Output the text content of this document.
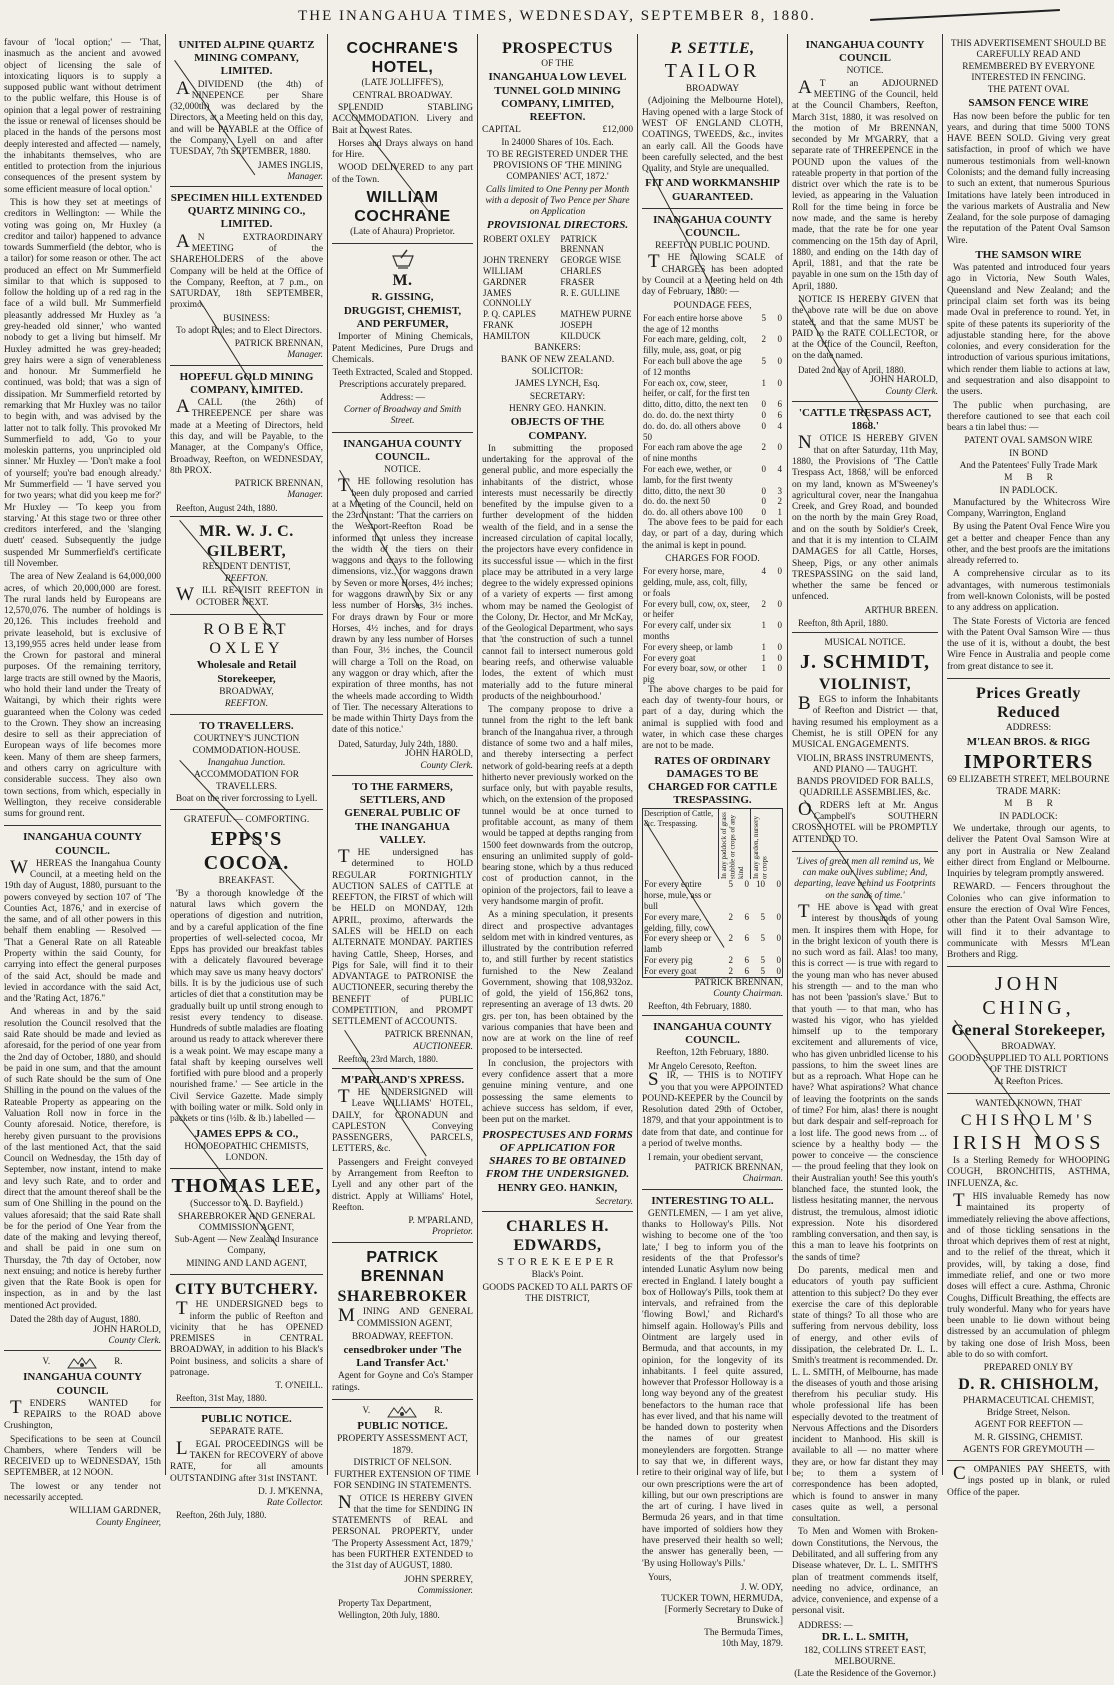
THE INANGAHUA TIMES, WEDNESDAY, SEPTEMBER 8, 1880.

favour of 'local option;' — 'That, inasmuch as the ancient and avowed object of licensing the sale of intoxicating liquors is to supply a supposed public want without detriment to the public welfare, this House is of opinion that a legal power of restraining the issue or renewal of licenses should be placed in the hands of the persons most deeply interested and affected — namely, the inhabitants themselves, who are entitled to protection from the injurious consequences of the present system by some efficient measure of local option.'

This is how they set at meetings of creditors in Wellington: — While the voting was going on, Mr Huxley (a creditor and tailor) happened to advance towards Summerfield (the debtor, who is a tailor) for some reason or other. The act produced an effect on Mr Summerfield similar to that which is supposed to follow the holding up of a red rag in the face of a wild bull. Mr Summerfield pleasantly addressed Mr Huxley as 'a grey-headed old sinner,' who wanted nobody to get a living but himself. Mr Huxley admitted he was grey-headed; grey hairs were a sign of venerableness and honour. Mr Summerfield he continued, was bold; that was a sign of dissipation. Mr Summerfield retorted by remarking that Mr Huxley was no tailor to begin with, and was advised by the latter not to talk folly. This provoked Mr Summerfield to add, 'Go to your moleskin patterns, you unprincipled old sinner.' Mr Huxley — 'Don't make a fool of yourself; you're bad enough already.' Mr Summerfield — 'I have served you for two years; what did you keep me for?' Mr Huxley — 'To keep you from starving.' At this stage two or three other creditors interfered, and the 'slanging duett' ceased. Subsequently the judge suspended Mr Summerfield's certificate till November.

The area of New Zealand is 64,000,000 acres, of which 20,000,000 are forest. The rural lands held by Europeans are 12,570,076. The number of holdings is 20,126. This includes freehold and private leasehold, but is exclusive of 13,199,955 acres held under lease from the Crown for pastoral and mineral purposes. Of the remaining territory, large tracts are still owned by the Maoris, who hold their land under the Treaty of Waitangi, by which their rights were guaranteed when the Colony was ceded to the Crown. They show an increasing desire to sell as their appreciation of European ways of life becomes more keen. Many of them are sheep farmers, and others carry on agriculture with considerable success. They also own town sections, from which, especially in Wellington, they receive considerable sums for ground rent.

INANGAHUA COUNTY COUNCIL.

WHEREAS the Inangahua County Council, at a meeting held on the 19th day of August, 1880, pursuant to the powers conveyed by section 107 of 'The Counties Act, 1876,' and in exercise of the same, and of all other powers in this behalf them enabling — Resolved — 'That a General Rate on all Rateable Property within the said County, for carrying into effect the general purposes of the said Act, should be made and levied in accordance with the said Act, and the 'Rating Act, 1876.''

And whereas in and by the said resolution the Council resolved that the said Rate should be made and levied as aforesaid, for the period of one year from the 2nd day of October, 1880, and should be paid in one sum, and that the amount of such Rate should be the sum of One Shilling in the pound on the values of the Rateable Property as appearing on the Valuation Roll now in force in the County aforesaid. Notice, therefore, is hereby given pursuant to the provisions of the last mentioned Act, that the said Council on Wednesday, the 15th day of September, now instant, intend to make and levy such Rate, and to order and direct that the amount thereof shall be the sum of One Shilling in the pound on the values aforesaid; that the said Rate shall be for the period of One Year from the date of the making and levying thereof, and shall be paid in one sum on Thursday, the 7th day of October, now next ensuing; and notice is hereby further given that the Rate Book is open for inspection, as in and by the last mentioned Act provided.

Dated the 28th day of August, 1880.
JOHN HAROLD,
County Clerk.
V.	R.
INANGAHUA COUNTY COUNCIL

TENDERS WANTED for REPAIRS to the ROAD above Crushington,

Specifications to be seen at Council Chambers, where Tenders will be RECEIVED up to WEDNESDAY, 15th SEPTEMBER, at 12 NOON.

The lowest or any tender not necessarily accepted.

WILLIAM GARDNER,
County Engineer,
UNITED ALPINE QUARTZ MINING COMPANY, LIMITED.

ADIVIDEND (the 4th) of NINEPENCE per Share (32,000th) was declared by the Directors, at a Meeting held on this day, and will be PAYABLE at the Office of the Company, Lyell on and after TUESDAY, 7th SEPTEMBER, 1880.

JAMES INGLIS,
Manager.
SPECIMEN HILL EXTENDED QUARTZ MINING CO., LIMITED.

AN EXTRAORDINARY MEETING of the SHAREHOLDERS of the above Company will be held at the Office of the Company, Reefton, at 7 p.m., on SATURDAY, 18th SEPTEMBER, proximo.

BUSINESS:

To adopt Rules; and to Elect Directors.

PATRICK BRENNAN,
Manager.
HOPEFUL GOLD MINING COMPANY, LIMITED.

ACALL (the 26th) of THREEPENCE per share was made at a Meeting of Directors, held this day, and will be Payable, to the Manager, at the Company's Office, Broadway, Reefton, on WEDNESDAY, 8th PROX.

PATRICK BRENNAN,
Manager.
Reefton, August 24th, 1880.
MR. W. J. C. GILBERT,
RESIDENT DENTIST,
REEFTON.

WILL RE-VISIT REEFTON in OCTOBER NEXT.

ROBERT OXLEY
Wholesale and Retail Storekeeper,
BROADWAY,
REEFTON.
TO TRAVELLERS.
COURTNEY'S JUNCTION COMMODATION-HOUSE.
Inangahua Junction.
ACCOMMODATION FOR TRAVELLERS.
Boat on the river forcrossing to Lyell.
GRATEFUL — COMFORTING.
EPPS'S COCOA.
BREAKFAST.

'By a thorough knowledge of the natural laws which govern the operations of digestion and nutrition, and by a careful application of the fine properties of well-selected cocoa, Mr Epps has provided our breakfast tables with a delicately flavoured beverage which may save us many heavy doctors' bills. It is by the judicious use of such articles of diet that a constitution may be gradually built up until strong enough to resist every tendency to disease. Hundreds of subtle maladies are floating around us ready to attack wherever there is a weak point. We may escape many a fatal shaft by keeping ourselves well fortified with pure blood and a properly nourished frame.' — See article in the Civil Service Gazette. Made simply with boiling water or milk. Sold only in packets or tins (½lb. & lb.) labelled —

JAMES EPPS & CO.,
HOMOEOPATHIC CHEMISTS, LONDON.
THOMAS LEE,
(Successor to A. D. Bayfield.)
SHAREBROKER AND GENERAL COMMISSION AGENT,
Sub-Agent — New Zealand Insurance Company,
MINING AND LAND AGENT,
CITY BUTCHERY.

THE UNDERSIGNED begs to inform the public of Reefton and vicinity that he has OPENED PREMISES in CENTRAL BROADWAY, in addition to his Black's Point business, and solicits a share of patronage.

T. O'NEILL.
Reefton, 31st May, 1880.
PUBLIC NOTICE.
SEPARATE RATE.

LEGAL PROCEEDINGS will be TAKEN for RECOVERY of above RATE, for all amounts OUTSTANDING after 31st INSTANT.

D. J. M'KENNA,
Rate Collector.
Reefton, 26th July, 1880.
COCHRANE'S HOTEL,
(LATE JOLLIFFE'S),
CENTRAL BROADWAY.

SPLENDID STABLING ACCOMMODATION. Livery and Bait at Lowest Rates.

Horses and Drays always on hand for Hire.

WOOD DELIVERED to any part of the Town.

WILLIAM COCHRANE
(Late of Ahaura) Proprietor.
M.
R. GISSING,
DRUGGIST, CHEMIST, AND PERFUMER,

Importer of Mining Chemicals, Patent Medicines, Pure Drugs and Chemicals.

Teeth Extracted, Scaled and Stopped.
Prescriptions accurately prepared.
Address: —
Corner of Broadway and Smith Street.
INANGAHUA COUNTY COUNCIL.
NOTICE.

THE following resolution has been duly proposed and carried at a Meeting of the Council, held on the 23rd instant: 'That the carriers on the Westport-Reefton Road be informed that unless they increase the width of the tiers on their waggons and drays to the following dimensions, viz., for waggons drawn by Seven or more Horses, 4½ inches; for waggons drawn by Six or any less number of Horses, 3½ inches. For drays drawn by Four or more Horses, 4½ inches, and for drays drawn by any less number of Horses than Four, 3½ inches, the Council will charge a Toll on the Road, on any waggon or dray which, after the expiration of three months, has not the wheels made according to Width of Tier. The necessary Alterations to be made within Thirty Days from the date of this notice.'

Dated, Saturday, July 24th, 1880.
JOHN HAROLD,
County Clerk.
TO THE FARMERS, SETTLERS, AND GENERAL PUBLIC OF THE INANGAHUA VALLEY.

THE undersigned has determined to HOLD REGULAR FORTNIGHTLY AUCTION SALES of CATTLE at REEFTON, the FIRST of which will be HELD on MONDAY, 12th APRIL, proximo, afterwards the SALES will be HELD on each ALTERNATE MONDAY. PARTIES having Cattle, Sheep, Horses, and Pigs for Sale, will find it to their ADVANTAGE to PATRONISE the AUCTIONEER, securing thereby the BENEFIT of PUBLIC COMPETITION, and PROMPT SETTLEMENT of ACCOUNTS.

PATRICK BRENNAN,
AUCTIONEER.
Reefton, 23rd March, 1880.
M'PARLAND'S XPRESS.

THE UNDERSIGNED will Leave WILLIAMS' HOTEL, DAILY, for CRONADUN and CAPLESTON Conveying PASSENGERS, PARCELS, LETTERS, &c.

Passengers and Freight conveyed by Arrangement from Reefton to Lyell and any other part of the district. Apply at Williams' Hotel, Reefton.

P. M'PARLAND,
Proprietor.
PATRICK BRENNAN
SHAREBROKER

MINING AND GENERAL COMMISSION AGENT,

BROADWAY, REEFTON.
censedbroker under 'The Land Transfer Act.'

Agent for Goyne and Co's Stamper ratings.

V.	R.
PUBLIC NOTICE.
PROPERTY ASSESSMENT ACT, 1879.
DISTRICT OF NELSON.
FURTHER EXTENSION OF TIME FOR SENDING IN STATEMENTS.

NOTICE IS HEREBY GIVEN that the time for SENDING IN STATEMENTS of REAL and PERSONAL PROPERTY, under 'The Property Assessment Act, 1879,' has been FURTHER EXTENDED to the 31st day of AUGUST, 1880.

JOHN SPERREY,
Commissioner.
Property Tax Department,
Wellington, 20th July, 1880.
PROSPECTUS
OF THE
INANGAHUA LOW LEVEL TUNNEL GOLD MINING COMPANY, LIMITED, REEFTON.
CAPITAL	£12,000
In 24000 Shares of 10s. Each.
TO BE REGISTERED UNDER THE PROVISIONS OF 'THE MINING COMPANIES' ACT, 1872.'
Calls limited to One Penny per Month with a deposit of Two Pence per Share on Application
PROVISIONAL DIRECTORS.
ROBERT OXLEY	PATRICK BRENNAN
JOHN TRENERY	GEORGE WISE
WILLIAM GARDNER	CHARLES FRASER
JAMES CONNOLLY	R. E. GULLINE
P. Q. CAPLES	MATHEW PURNE
FRANK HAMILTON	JOSEPH KILDUCK
BANKERS:
BANK OF NEW ZEALAND.
SOLICITOR:
JAMES LYNCH, Esq.
SECRETARY:
HENRY GEO. HANKIN.
OBJECTS OF THE COMPANY.

In submitting the proposed undertaking for the approval of the general public, and more especially the inhabitants of the district, whose interests must necessarily be directly benefited by the impulse given to a further development of the hidden wealth of the field, and in a sense the increased circulation of capital locally, the projectors have every confidence in its successful issue — which in the first place may be attributed in a very large degree to the widely expressed opinions of a variety of experts — first among whom may be named the Geologist of the Colony, Dr. Hector, and Mr McKay, of the Geological Department, who says that 'the construction of such a tunnel cannot fail to intersect numerous gold bearing reefs, and otherwise valuable lodes, the extent of which must materially add to the future mineral products of the neighbourhood.'

The company propose to drive a tunnel from the right to the left bank branch of the Inangahua river, a through distance of some two and a half miles, and thereby intersecting a perfect network of gold-bearing reefs at a depth hitherto never previously worked on the surface only, but with payable results, which, on the extension of the proposed tunnel would be at once turned to profitable account, as many of them would be tapped at depths ranging from 1500 feet downwards from the outcrop, ensuring an unlimited supply of gold-bearing stone, which by a thus reduced cost of production cannot, in the opinion of the projectors, fail to leave a very handsome margin of profit.

As a mining speculation, it presents direct and prospective advantages seldom met with in kindred ventures, as illustrated by the contribution referred to, and still further by recent statistics furnished to the New Zealand Government, showing that 108,932oz. of gold, the yield of 156,862 tons, representing an average of 13 dwts. 20 grs. per ton, has been obtained by the various companies that have been and now are at work on the line of reef proposed to be intersected.

In conclusion, the projectors with every confidence assert that a more genuine mining venture, and one possessing the same elements to achieve success has seldom, if ever, been put on the market.

PROSPECTUSES AND FORMS OF APPLICATION FOR SHARES TO BE OBTAINED FROM THE UNDERSIGNED.
HENRY GEO. HANKIN,
Secretary.
CHARLES H. EDWARDS,
STOREKEEPER
Black's Point.
GOODS PACKED TO ALL PARTS OF THE DISTRICT,
P. SETTLE,
TAILOR
BROADWAY

(Adjoining the Melbourne Hotel), Having opened with a large Stock of WEST OF ENGLAND CLOTH, COATINGS, TWEEDS, &c., invites an early call. All the Goods have been carefully selected, and the best Quality, and Style are unequalled.

FIT AND WORKMANSHIP GUARANTEED.
INANGAHUA COUNTY COUNCIL.
REEFTON PUBLIC POUND.

THE following SCALE of CHARGES has been adopted by Council at a Meeting held on 4th day of February, 1880: —

POUNDAGE FEES,
For each entire horse above the age of 12 months	5	0
For each mare, gelding, colt, filly, mule, ass, goat, or pig	2	0
For each bull above the age of 12 months	5	0
For each ox, cow, steer, heifer, or calf, for the first ten	1	0
ditto, ditto, ditto, the next ten	0	6
do. do. do. the next thirty	0	6
do. do. do. all others above 50	0	4
For each ram above the age of nine months	2	0
For each ewe, wether, or lamb, for the first twenty	0	4
ditto, ditto, the next 30	0	3
do. do. the next 50	0	2
do. do. all others above 100	0	1

The above fees to be paid for each day, or part of a day, during which the animal is kept in pound.

CHARGES FOR FOOD.
For every horse, mare, gelding, mule, ass, colt, filly, or foals	4	0
For every bull, cow, ox, steer, or heifer	2	0
For every calf, under six months	1	0
For every sheep, or lamb	1	0
For every goat	1	0
For every boar, sow, or other pig	1	0

The above charges to be paid for each day of twenty-four hours, or part of a day, during which the animal is supplied with food and water, in which case these charges are not to be made.

RATES OF ORDINARY DAMAGES TO BE CHARGED FOR CATTLE TRESPASSING.
Description of Cattle, &c. Trespassing.	In any paddock of grass stubble or crops of any kind		In any garden, nursery or crops	

For every entire horse, mule, ass or bull	5	0	10	0
For every mare, gelding, filly, cow	2	6	5	0
For every sheep or lamb	2	6	5	0
For every pig	2	6	5	0
For every goat	2	6	5	0
PATRICK BRENNAN,
County Chairman.
Reefton, 4th February, 1880.
INANGAHUA COUNTY COUNCIL.
Reefton, 12th February, 1880.
Mr Angelo Ceresoto, Reefton.

SIR, — THIS is to NOTIFY you that you were APPOINTED POUND-KEEPER by the Council by Resolution dated 29th of October, 1879, and that your appointment is to date from that date, and continue for a period of twelve months.

I remain, your obedient servant,
PATRICK BRENNAN,
Chairman.
INTERESTING TO ALL.

GENTLEMEN, — I am yet alive, thanks to Holloway's Pills. Not wishing to become one of the 'too late,' I beg to inform you of the residents of the that Professor's intended Lunatic Asylum now being erected in England. I lately bought a box of Holloway's Pills, took them at intervals, and refrained from the 'flowing Bowl,' and Richard's himself again. Holloway's Pills and Ointment are largely used in Bermuda, and that accounts, in my opinion, for the longevity of its inhabitants. I feel quite assured, however that Professor Holloway is a long way beyond any of the greatest benefactors to the human race that has ever lived, and that his name will be handed down to posterity when the names of our greatest moneylenders are forgotten. Strange to say that we, in different ways, retire to their original way of life, but our own prescriptions were the art of killing, but our own prescriptions are the art of curing. I have lived in Bermuda 26 years, and in that time have imported of soldiers how they have preserved their health so well; the answer has generally been, — 'By using Holloway's Pills.'

Yours,
J. W. ODY,
TUCKER TOWN, HERMUDA,
[Formerly Secretary to Duke of Brunswick.]
The Bermuda Times,
10th May, 1879.
INANGAHUA COUNTY COUNCIL
NOTICE.

AT an ADJOURNED MEETING of the Council, held at the Council Chambers, Reefton, March 31st, 1880, it was resolved on the motion of Mr BRENNAN, seconded by Mr M'GARRY, that a separate rate of THREEPENCE in the POUND upon the values of the rateable property in that portion of the district over which the rate is to be levied, as appearing in the Valuation Roll for the time being in force be now made, and the same is hereby made, that the rate be for one year commencing on the 15th day of April, 1880, and ending on the 14th day of April, 1881, and that the rate be payable in one sum on the 15th day of April, 1880.

NOTICE IS HEREBY GIVEN that the above rate will be due on above stated, and that the same MUST be PAID to the RATE COLLECTOR, or at the Office of the Council, Reefton, on the date named.

Dated 2nd day of April, 1880.
JOHN HAROLD,
County Clerk.
'CATTLE TRESPASS ACT, 1868.'

NOTICE IS HEREBY GIVEN that on after Saturday, 11th May, 1880, the Provisions of 'The Cattle Trespass Act, 1868,' will be enforced on my land, known as M'Sweeney's agricultural cover, near the Inangahua Creek, and Grey Road, and bounded on the north by the main Grey Road, and on the south by Soldier's Creek, and that it is my intention to CLAIM DAMAGES for all Cattle, Horses, Sheep, Pigs, or any other animals TRESPASSING on the said land, whether the same be fenced or unfenced.

ARTHUR BREEN.
Reefton, 8th April, 1880.
MUSICAL NOTICE.
J. SCHMIDT,
VIOLINIST,

BEGS to inform the Inhabitants of Reefton and District — that, having resumed his employment as a Chemist, he is still OPEN for any MUSICAL ENGAGEMENTS.

VIOLIN, BRASS INSTRUMENTS, AND PIANO — TAUGHT.
BANDS PROVIDED FOR BALLS, QUADRILLE ASSEMBLIES, &c.

ORDERS left at Mr. Angus Campbell's SOUTHERN CROSS HOTEL will be PROMPTLY ATTENDED TO.

'Lives of great men all remind us, We can make our lives sublime; And, departing, leave behind us Footprints on the sands of time.'

THE above is read with great interest by thousands of young men. It inspires them with Hope, for in the bright lexicon of youth there is no such word as fail. Alas! too many, this is correct — is true with regard to the young man who has never abused his strength — and to the man who has not been 'passion's slave.' But to that youth — to that man, who has wasted his vigor, who has yielded himself up to the temporary excitement and allurements of vice, who has given unbridled license to his passions, to him the sweet lines are but as a reproach. What Hope can he have? What aspirations? What chance of leaving the footprints on the sands of time? For him, alas! there is nought but dark despair and self-reproach for a lost life. The good news from ... of science by a healthy body — the power to conceive — the conscience — the proud feeling that they look on their Australian youth! See this youth's blanched face, the stunted look, the listless hesitating manner, the nervous distrust, the tremulous, almost idiotic expression. Note his disordered rambling conversation, and then say, is this a man to leave his footprints on the sands of time?

Do parents, medical men and educators of youth pay sufficient attention to this subject? Do they ever exercise the care of this deplorable state of things? To all those who are suffering from nervous debility, loss of energy, and other evils of dissipation, the celebrated Dr. L. L. Smith's treatment is recommended. Dr. L. L. SMITH, of Melbourne, has made the diseases of youth and those arising therefrom his peculiar study. His whole professional life has been especially devoted to the treatment of Nervous Affections and the Disorders incident to Manhood. His skill is available to all — no matter where they are, or how far distant they may be; to them a system of correspondence has been adopted, which is found to answer in many cases quite as well, a personal consultation.

To Men and Women with Broken-down Constitutions, the Nervous, the Debilitated, and all suffering from any Disease whatever, Dr. L. L. SMITH'S plan of treatment commends itself, needing no advice, ordinance, an advice, convenience, and expense of a personal visit.

ADDRESS: —
DR. L. L. SMITH,
182, COLLINS STREET EAST, MELBOURNE.
(Late the Residence of the Governor.)
THIS ADVERTISEMENT SHOULD BE CAREFULLY READ AND REMEMBERED BY EVERYONE INTERESTED IN FENCING.
THE PATENT OVAL
SAMSON FENCE WIRE

Has now been before the public for ten years, and during that time 5000 TONS HAVE BEEN SOLD. Giving very great satisfaction, in proof of which we have numerous testimonials from well-known Colonists; and the demand fully increasing to such an extent, that numerous Spurious Imitations have lately been introduced in the various markets of Australia and New Zealand, for the sole purpose of damaging the reputation of the Patent Oval Samson Wire.

THE SAMSON WIRE

Was patented and introduced four years ago in Victoria, New South Wales, Queensland and New Zealand; and the principal claim set forth was its being made Oval in preference to round. Yet, in spite of these patents its superiority of the adjustable standing here, for the above colonies, and every consideration for the introduction of various spurious imitations, which render them liable to actions at law, and sequestration and also disappoint to the users.

The public when purchasing, are therefore cautioned to see that each coil bears a tin label thus: —

PATENT OVAL SAMSON WIRE
IN BOND
And the Patentees' Fully Trade Mark
M B R
IN PADLOCK.

Manufactured by the Whitecross Wire Company, Warrington, England

By using the Patent Oval Fence Wire you get a better and cheaper Fence than any other, and the best proofs are the imitations already referred to.

A comprehensive circular as to its advantages, with numerous testimonials from well-known Colonists, will be posted to any address on application.

The State Forests of Victoria are fenced with the Patent Oval Samson Wire — thus the use of it is, without a doubt, the best Wire Fence in Australia and people come from great distance to see it.

Prices Greatly Reduced
ADDRESS:
M'LEAN BROS. & RIGG
IMPORTERS
69 ELIZABETH STREET, MELBOURNE
TRADE MARK:
M B R
IN PADLOCK:

We undertake, through our agents, to deliver the Patent Oval Samson Wire at any port in Australia or New Zealand either direct from England or Melbourne. Inquiries by telegram promptly answered.

REWARD. — Fencers throughout the Colonies who can give information to ensure the erection of Oval Wire Fences, other than the Patent Oval Samson Wire, will find it to their advantage to communicate with Messrs M'Lean Brothers and Rigg.

JOHN CHING,
General Storekeeper,
BROADWAY.
GOODS SUPPLIED TO ALL PORTIONS OF THE DISTRICT
At Reefton Prices.
WANTED KNOWN, THAT
CHISHOLM'S
IRISH MOSS

Is a Sterling Remedy for WHOOPING COUGH, BRONCHITIS, ASTHMA, INFLUENZA, &c.

THIS invaluable Remedy has now maintained its property of immediately relieving the above affections, and of those tickling sensations in the throat which deprives them of rest at night, and to the relief of the threat, which it provides, will, by taking a dose, find immediate relief, and one or two more doses will effect a cure. Asthma, Chronic Coughs, Difficult Breathing, the effects are truly wonderful. Many who for years have been unable to lie down without being distressed by an accumulation of phlegm by taking one dose of Irish Moss, been able to do so with comfort.

PREPARED ONLY BY
D. R. CHISHOLM,
PHARMACEUTICAL CHEMIST,
Bridge Street, Nelson.
AGENT FOR REEFTON —
M. R. GISSING, CHEMIST.
AGENTS FOR GREYMOUTH —

COMPANIES PAY SHEETS, with ings posted up in blank, or ruled Office of the paper.
